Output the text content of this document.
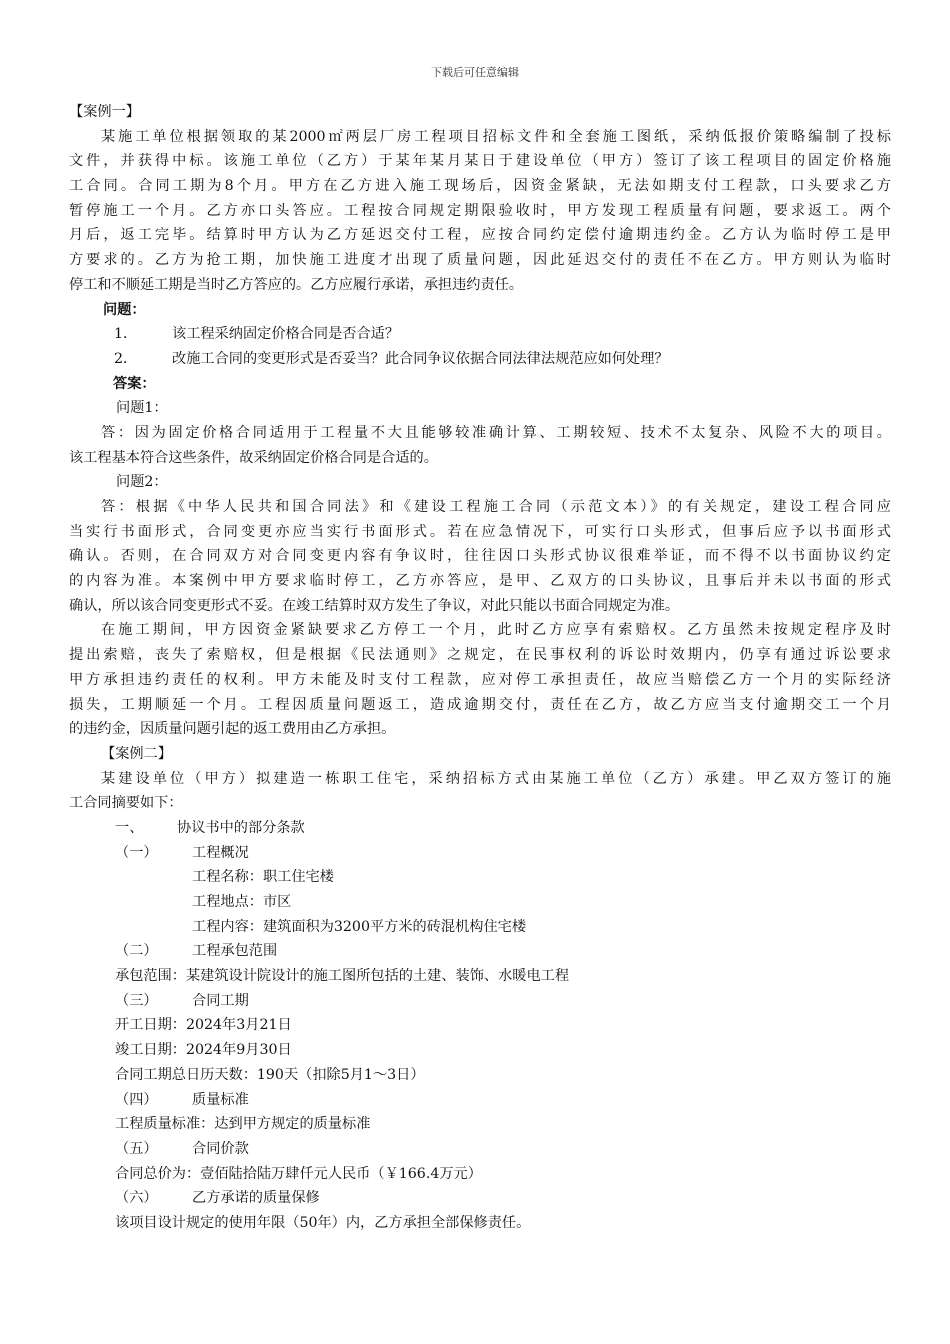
下载后可任意编辑
【案例一】
某施工单位根据领取的某2000㎡两层厂房工程项目招标文件和全套施工图纸，采纳低报价策略编制了投标
文件，并获得中标。该施工单位（乙方）于某年某月某日于建设单位（甲方）签订了该工程项目的固定价格施
工合同。合同工期为8个月。甲方在乙方进入施工现场后，因资金紧缺，无法如期支付工程款，口头要求乙方
暂停施工一个月。乙方亦口头答应。工程按合同规定期限验收时，甲方发现工程质量有问题，要求返工。两个
月后，返工完毕。结算时甲方认为乙方延迟交付工程，应按合同约定偿付逾期违约金。乙方认为临时停工是甲
方要求的。乙方为抢工期，加快施工进度才出现了质量问题，因此延迟交付的责任不在乙方。甲方则认为临时
停工和不顺延工期是当时乙方答应的。乙方应履行承诺，承担违约责任。
问题：
1． 该工程采纳固定价格合同是否合适？
2． 改施工合同的变更形式是否妥当？此合同争议依据合同法律法规范应如何处理？
答案：
问题1：
答：因为固定价格合同适用于工程量不大且能够较准确计算、工期较短、技术不太复杂、风险不大的项目。
该工程基本符合这些条件，故采纳固定价格合同是合适的。
问题2：
答：根据《中华人民共和国合同法》和《建设工程施工合同（示范文本）》的有关规定，建设工程合同应
当实行书面形式，合同变更亦应当实行书面形式。若在应急情况下，可实行口头形式，但事后应予以书面形式
确认。否则，在合同双方对合同变更内容有争议时，往往因口头形式协议很难举证，而不得不以书面协议约定
的内容为准。本案例中甲方要求临时停工，乙方亦答应，是甲、乙双方的口头协议，且事后并未以书面的形式
确认，所以该合同变更形式不妥。在竣工结算时双方发生了争议，对此只能以书面合同规定为准。
在施工期间，甲方因资金紧缺要求乙方停工一个月，此时乙方应享有索赔权。乙方虽然未按规定程序及时
提出索赔，丧失了索赔权，但是根据《民法通则》之规定，在民事权利的诉讼时效期内，仍享有通过诉讼要求
甲方承担违约责任的权利。甲方未能及时支付工程款，应对停工承担责任，故应当赔偿乙方一个月的实际经济
损失，工期顺延一个月。工程因质量问题返工，造成逾期交付，责任在乙方，故乙方应当支付逾期交工一个月
的违约金，因质量问题引起的返工费用由乙方承担。
【案例二】
某建设单位（甲方）拟建造一栋职工住宅，采纳招标方式由某施工单位（乙方）承建。甲乙双方签订的施
工合同摘要如下：
一、 协议书中的部分条款
（一） 工程概况
工程名称：职工住宅楼
工程地点：市区
工程内容：建筑面积为3200平方米的砖混机构住宅楼
（二） 工程承包范围
承包范围：某建筑设计院设计的施工图所包括的土建、装饰、水暖电工程
（三） 合同工期
开工日期：2024年3月21日
竣工日期：2024年9月30日
合同工期总日历天数：190天（扣除5月1～3日）
（四） 质量标准
工程质量标准：达到甲方规定的质量标准
（五） 合同价款
合同总价为：壹佰陆拾陆万肆仟元人民币（￥166.4万元）
（六） 乙方承诺的质量保修
该项目设计规定的使用年限（50年）内，乙方承担全部保修责任。
